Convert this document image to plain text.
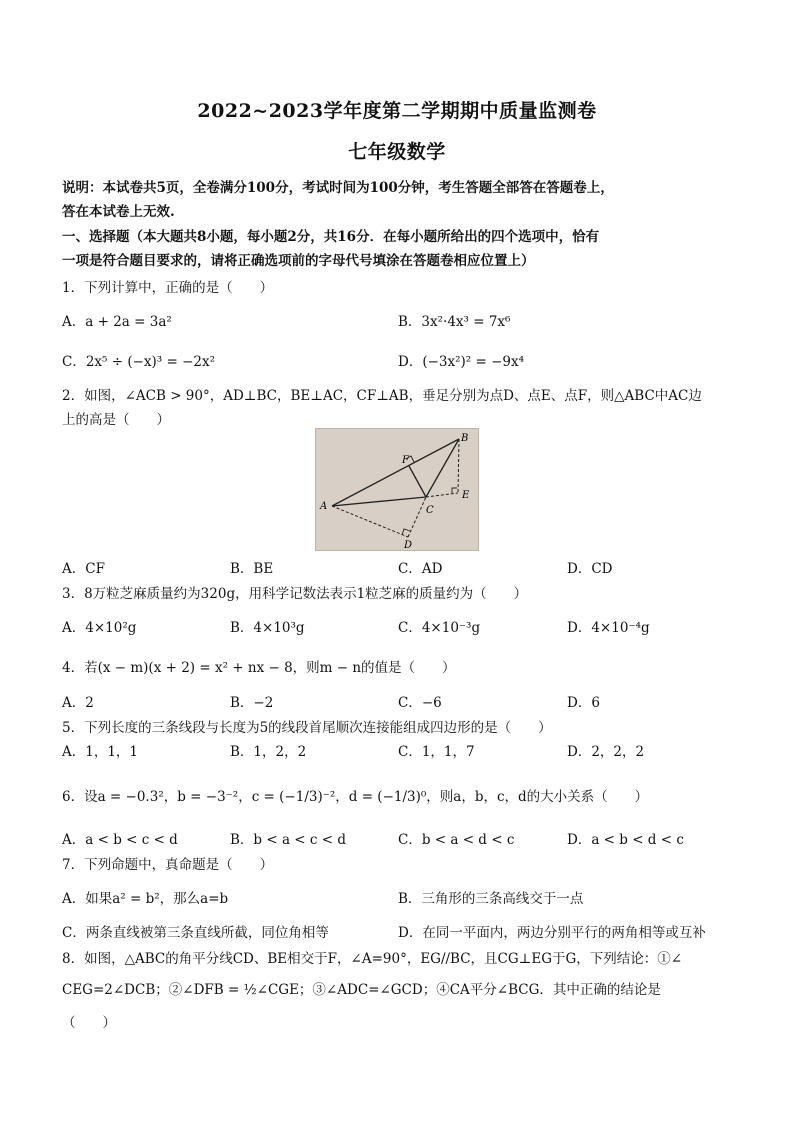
2022~2023学年度第二学期期中质量监测卷
七年级数学
说明：本试卷共5页，全卷满分100分，考试时间为100分钟，考生答题全部答在答题卷上，
答在本试卷上无效.
一、选择题（本大题共8小题，每小题2分，共16分．在每小题所给出的四个选项中，恰有
一项是符合题目要求的，请将正确选项前的字母代号填涂在答题卷相应位置上）
1．下列计算中，正确的是（　　）
A．a + 2a = 3a²	B．3x²·4x³ = 7x⁶
C．2x⁵ ÷ (−x)³ = −2x²	D．(−3x²)² = −9x⁴
2．如图，∠ACB > 90°，AD⊥BC，BE⊥AC，CF⊥AB，垂足分别为点D、点E、点F，则△ABC中AC边
上的高是（　　）
A
B
C
D
E
F
A．CF	B．BE	C．AD	D．CD
3．8万粒芝麻质量约为320g，用科学记数法表示1粒芝麻的质量约为（　　）
A．4×10²g	B．4×10³g	C．4×10⁻³g	D．4×10⁻⁴g
4．若(x − m)(x + 2) = x² + nx − 8，则m − n的值是（　　）
A．2	B．−2	C．−6	D．6
5．下列长度的三条线段与长度为5的线段首尾顺次连接能组成四边形的是（　　）
A．1，1，1	B．1，2，2	C．1，1，7	D．2，2，2
6．设a = −0.3²，b = −3⁻²，c = (−1/3)⁻²，d = (−1/3)⁰，则a，b，c，d的大小关系（　　）
A．a < b < c < d	B．b < a < c < d	C．b < a < d < c	D．a < b < d < c
7．下列命题中，真命题是（　　）
A．如果a² = b²，那么a=b	B．三角形的三条高线交于一点
C．两条直线被第三条直线所截，同位角相等	D．在同一平面内，两边分别平行的两角相等或互补
8．如图，△ABC的角平分线CD、BE相交于F，∠A=90°，EG//BC，且CG⊥EG于G，下列结论：①∠
CEG=2∠DCB；②∠DFB = ½∠CGE；③∠ADC=∠GCD；④CA平分∠BCG．其中正确的结论是
（　　）
